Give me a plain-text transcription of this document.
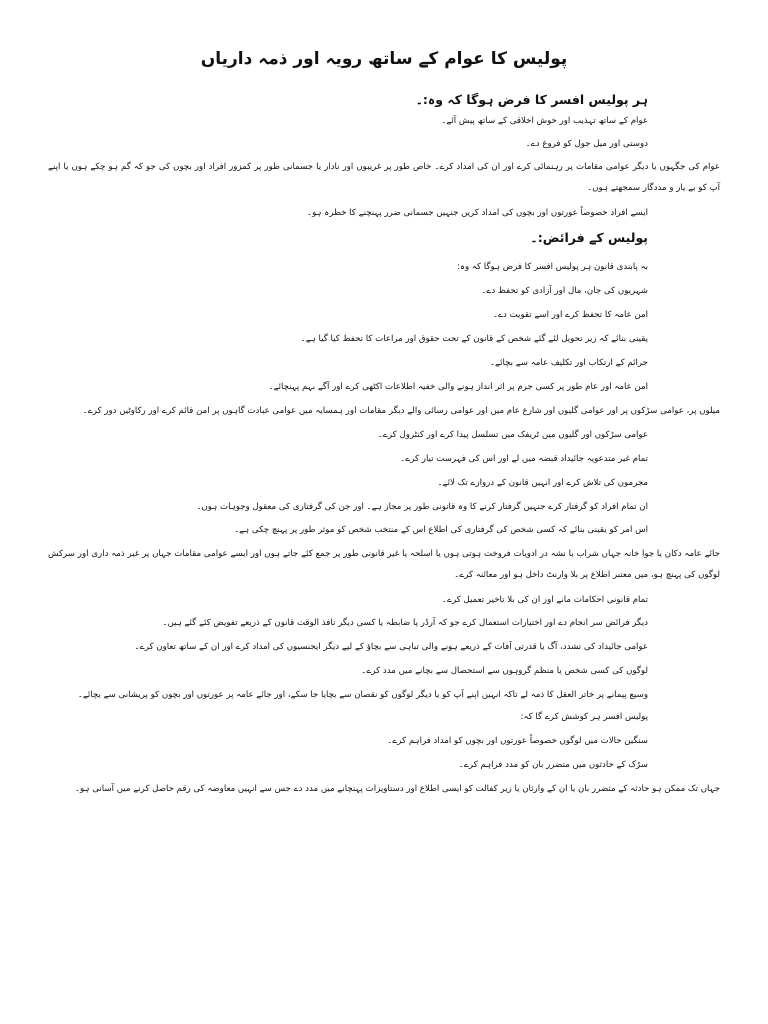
پولیس کا عوام کے ساتھ رویہ اور ذمہ داریاں
ہر پولیس افسر کا فرض ہوگا کہ وہ:۔
عوام کے ساتھ تہذیب اور خوش اخلاقی کے ساتھ پیش آئے۔
دوستی اور میل جول کو فروغ دے۔
عوام کی جگہوں یا دیگر عوامی مقامات پر رہنمائی کرے اور ان کی امداد کرے۔ خاص طور پر غریبوں اور نادار یا جسمانی طور پر کمزور افراد اور بچوں کی جو کہ گم ہو چکے ہوں یا اپنے آپ کو بے یار و مددگار سمجھتے ہوں۔
ایسے افراد خصوصاً عورتوں اور بچوں کی امداد کریں جنہیں جسمانی ضرر پہنچنے کا خطرہ ہو۔
پولیس کے فرائض:۔
بہ پابندی قانون ہر پولیس افسر کا فرض ہوگا کہ وہ:
شہریوں کی جان، مال اور آزادی کو تحفظ دے۔
امن عامہ کا تحفظ کرے اور اسے تقویت دے۔
یقینی بنائے کہ زیر تحویل لئے گئے شخص کے قانون کے تحت حقوق اور مراعات کا تحفظ کیا گیا ہے۔
جرائم کے ارتکاب اور تکلیف عامہ سے بچائے۔
امن عامہ اور عام طور پر کسی جرم پر اثر انداز ہونے والی خفیہ اطلاعات اکٹھی کرے اور آگے بہم پہنچائے۔
میلوں پر، عوامی سڑکوں پر اور عوامی گلیوں اور شارع عام میں اور عوامی رسائی والے دیگر مقامات اور ہمسایہ میں عوامی عبادت گاہوں پر امن قائم کرے اور رکاوٹیں دور کرے۔
عوامی سڑکوں اور گلیوں میں ٹریفک میں تسلسل پیدا کرے اور کنٹرول کرے۔
تمام غیر متدعویہ جائیداد قبضہ میں لے اور اس کی فہرست تیار کرے۔
مجرموں کی تلاش کرے اور انہیں قانون کے دروازے تک لائے۔
ان تمام افراد کو گرفتار کرے جنہیں گرفتار کرنے کا وہ قانونی طور پر مجاز ہے۔ اور جن کی گرفتاری کی معقول وجوہات ہوں۔
اس امر کو یقینی بنائے کہ کسی شخص کی گرفتاری کی اطلاع اس کے منتخب شخص کو موثر طور پر پہنچ چکی ہے۔
جائے عامہ دکان یا جوا خانہ جہاں شراب یا نشہ در ادویات فروخت ہوتی ہوں یا اسلحہ یا غیر قانونی طور پر جمع کئے جاتے ہوں اور ایسے عوامی مقامات جہاں پر غیر ذمہ داری اور سرکش لوگوں کی پہنچ ہو، میں معتبر اطلاع پر بلا وارنٹ داخل ہو اور معائنہ کرے۔
تمام قانونی احکامات مانے اور ان کی بلا تاخیر تعمیل کرے۔
دیگر فرائض سر انجام دے اور اختیارات استعمال کرے جو کہ آرڈر یا ضابطہ یا کسی دیگر نافذ الوقت قانون کے ذریعے تفویض کئے گئے ہیں۔
عوامی جائیداد کی تشدد، آگ یا قدرتی آفات کے ذریعے ہونے والی تباہی سے بچاؤ کے لیے دیگر ایجنسیوں کی امداد کرے اور ان کے ساتھ تعاون کرے۔
لوگوں کی کسی شخص یا منظم گروہوں سے استحصال سے بچانے میں مدد کرے۔
وسیع پیمانے پر خاتر العقل کا ذمہ لے تاکہ انہیں اپنے آپ کو یا دیگر لوگوں کو نقصان سے بچایا جا سکے، اور جائے عامہ پر عورتوں اور بچوں کو پریشانی سے بچائے۔
پولیس افسر ہر کوشش کرے گا کہ:
سنگین حالات میں لوگوں خصوصاً عورتوں اور بچوں کو امداد فراہم کرے۔
سڑک کے حادثوں میں متضرر بان کو مدد فراہم کرے۔
جہاں تک ممکن ہو حادثہ کے متضرر بان یا ان کے وارثان یا زیر کفالت کو ایسی اطلاع اور دستاویزات پہنچانے میں مدد دے جس سے انہیں معاوضہ کی رقم حاصل کرنے میں آسانی ہو۔
